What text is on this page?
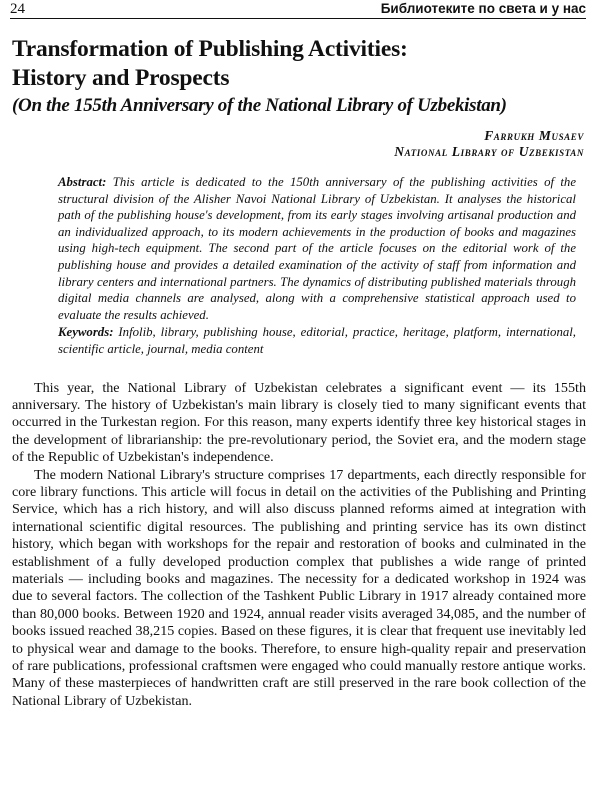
24	Библиотеките по света и у нас
Transformation of Publishing Activities:
History and Prospects
(On the 155th Anniversary of the National Library of Uzbekistan)
Farrukh Musaev
National Library of Uzbekistan
Abstract: This article is dedicated to the 150th anniversary of the publishing activities of the structural division of the Alisher Navoi National Library of Uzbekistan. It analyses the historical path of the publishing house's development, from its early stages involving artisanal production and an individualized approach, to its modern achievements in the production of books and magazines using high-tech equipment. The second part of the article focuses on the editorial work of the publishing house and provides a detailed examination of the activity of staff from information and library centers and international partners. The dynamics of distributing published materials through digital media channels are analysed, along with a comprehensive statistical approach used to evaluate the results achieved.
Keywords: Infolib, library, publishing house, editorial, practice, heritage, platform, international, scientific article, journal, media content

This year, the National Library of Uzbekistan celebrates a significant event — its 155th anniversary. The history of Uzbekistan's main library is closely tied to many significant events that occurred in the Turkestan region. For this reason, many experts identify three key historical stages in the development of librarianship: the pre-revolutionary period, the Soviet era, and the modern stage of the Republic of Uzbekistan's independence.

The modern National Library's structure comprises 17 departments, each directly responsible for core library functions. This article will focus in detail on the activities of the Publishing and Printing Service, which has a rich history, and will also discuss planned reforms aimed at integration with international scientific digital resources. The publishing and printing service has its own distinct history, which began with workshops for the repair and restoration of books and culminated in the establishment of a fully developed production complex that publishes a wide range of printed materials — including books and magazines. The necessity for a dedicated workshop in 1924 was due to several factors. The collection of the Tashkent Public Library in 1917 already contained more than 80,000 books. Between 1920 and 1924, annual reader visits averaged 34,085, and the number of books issued reached 38,215 copies. Based on these figures, it is clear that frequent use inevitably led to physical wear and damage to the books. Therefore, to ensure high-quality repair and preservation of rare publications, professional craftsmen were engaged who could manually restore antique works. Many of these masterpieces of handwritten craft are still preserved in the rare book collection of the National Library of Uzbekistan.
